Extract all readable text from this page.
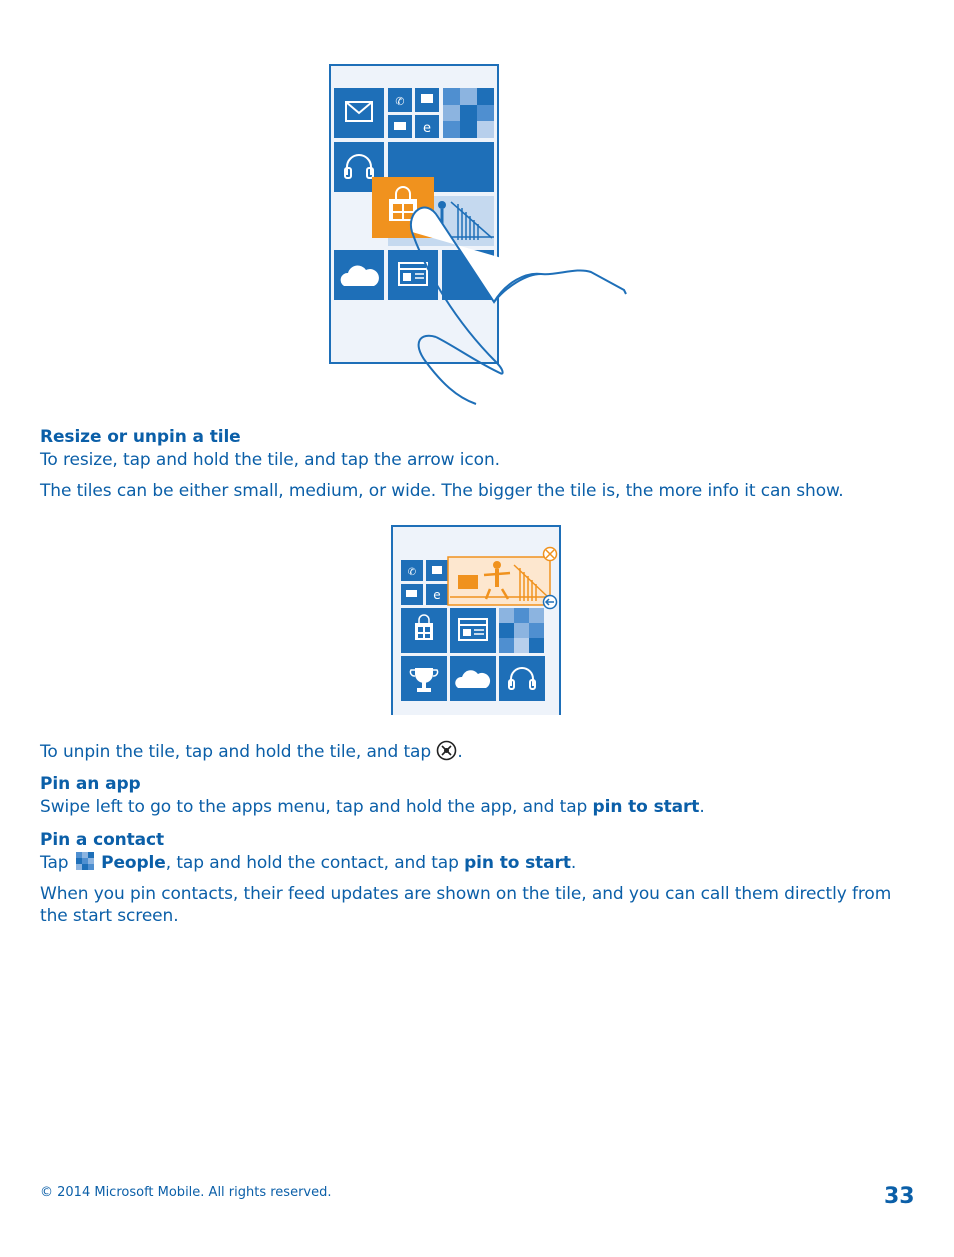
✆
e
Resize or unpin a tile
To resize, tap and hold the tile, and tap the arrow icon.
The tiles can be either small, medium, or wide. The bigger the tile is, the more info it can show.
✆
e
To unpin the tile, tap and hold the tile, and tap .
Pin an app
Swipe left to go to the apps menu, tap and hold the app, and tap pin to start.
Pin a contact
Tap  People, tap and hold the contact, and tap pin to start.
When you pin contacts, their feed updates are shown on the tile, and you can call them directly from the start screen.
© 2014 Microsoft Mobile. All rights reserved.	33
